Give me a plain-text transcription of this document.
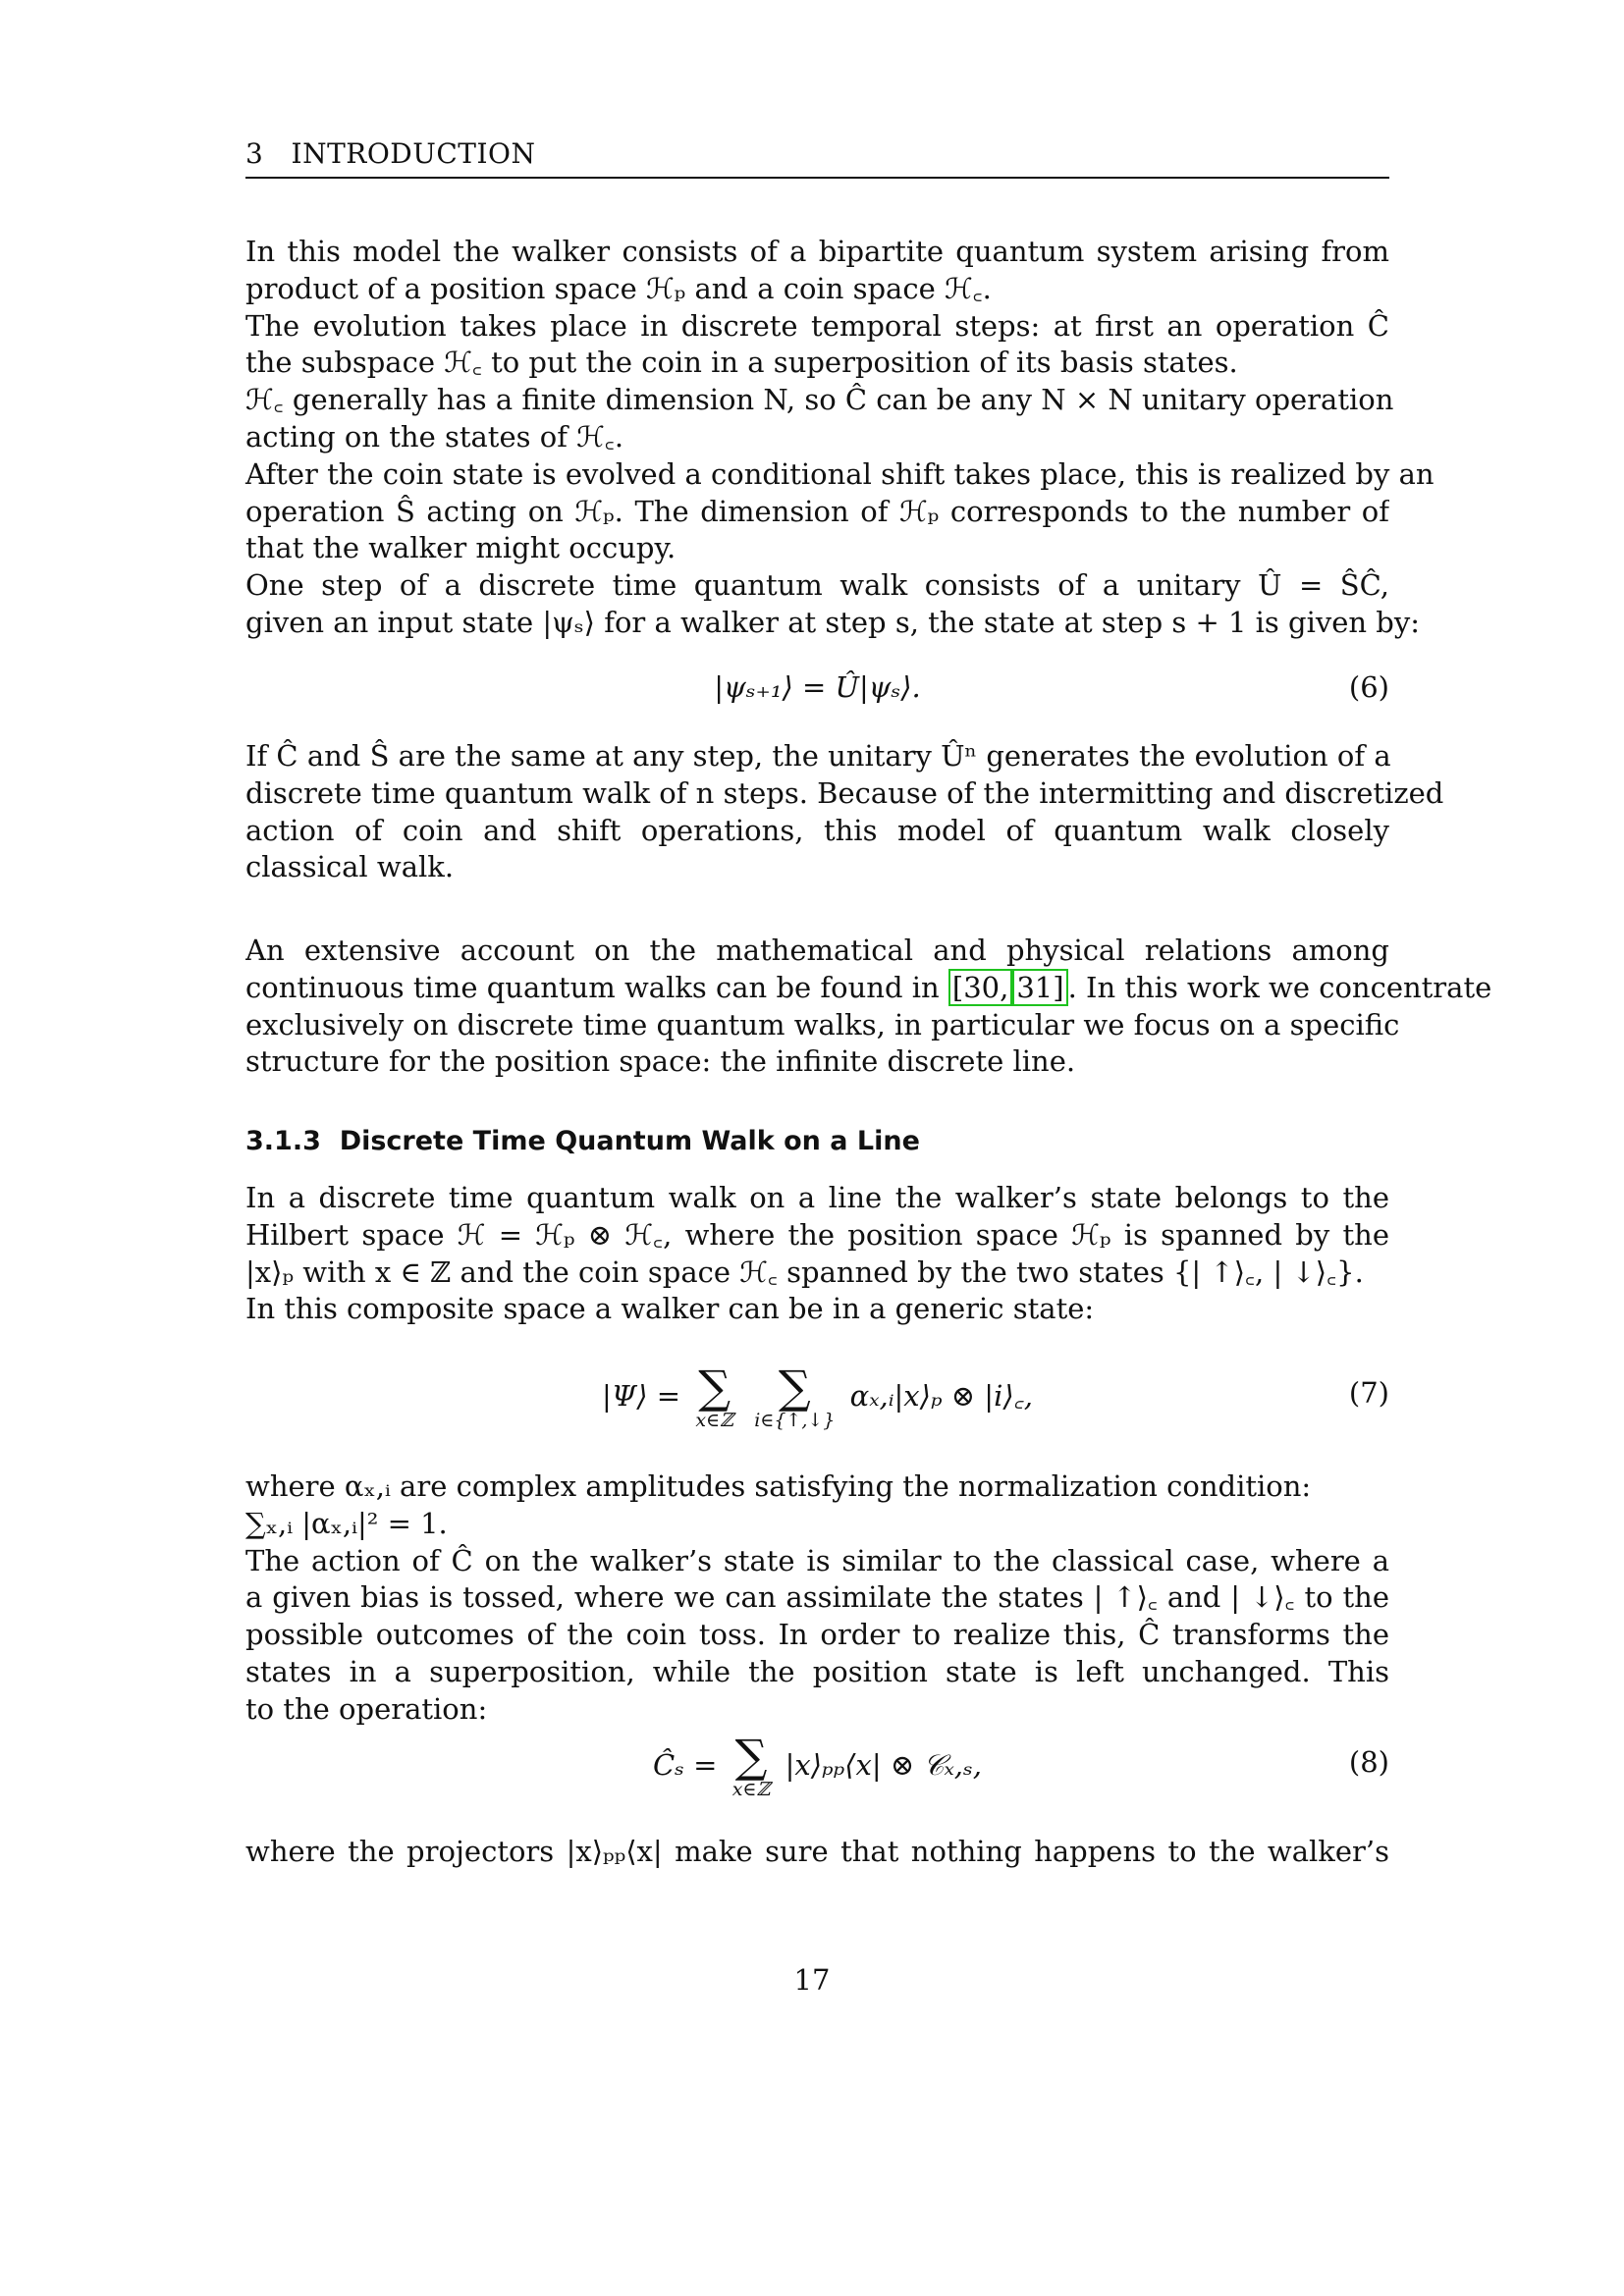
3 INTRODUCTION
In this model the walker consists of a bipartite quantum system arising from
product of a position space ℋₚ and a coin space ℋ꜀.
The evolution takes place in discrete temporal steps: at first an operation Ĉ
the subspace ℋ꜀ to put the coin in a superposition of its basis states.
ℋ꜀ generally has a finite dimension N, so Ĉ can be any N × N unitary operation
acting on the states of ℋ꜀.
After the coin state is evolved a conditional shift takes place, this is realized by an
operation Ŝ acting on ℋₚ. The dimension of ℋₚ corresponds to the number of
that the walker might occupy.
One step of a discrete time quantum walk consists of a unitary Û = ŜĈ,
given an input state |ψₛ⟩ for a walker at step s, the state at step s + 1 is given by:
|ψₛ₊₁⟩ = Û|ψₛ⟩.	(6)
If Ĉ and Ŝ are the same at any step, the unitary Ûⁿ generates the evolution of a
discrete time quantum walk of n steps. Because of the intermitting and discretized
action of coin and shift operations, this model of quantum walk closely
classical walk.
An extensive account on the mathematical and physical relations among
continuous time quantum walks can be found in [30, 31] . In this work we concentrate
exclusively on discrete time quantum walks, in particular we focus on a specific
structure for the position space: the infinite discrete line.
3.1.3 Discrete Time Quantum Walk on a Line
In a discrete time quantum walk on a line the walker’s state belongs to the
Hilbert space ℋ = ℋₚ ⊗ ℋ꜀, where the position space ℋₚ is spanned by the
|x⟩ₚ with x ∈ ℤ and the coin space ℋ꜀ spanned by the two states {| ↑⟩꜀, | ↓⟩꜀}.
In this composite space a walker can be in a generic state:
|Ψ⟩ = ∑
x∈ℤ

∑
i∈{↑,↓}
αₓ,ᵢ|x⟩ₚ ⊗ |i⟩꜀,	(7)
where αₓ,ᵢ are complex amplitudes satisfying the normalization condition:
∑ₓ,ᵢ |αₓ,ᵢ|² = 1.
The action of Ĉ on the walker’s state is similar to the classical case, where a
a given bias is tossed, where we can assimilate the states | ↑⟩꜀ and | ↓⟩꜀ to the
possible outcomes of the coin toss. In order to realize this, Ĉ transforms the
states in a superposition, while the position state is left unchanged. This
to the operation:
Ĉₛ = ∑
x∈ℤ
|x⟩ₚₚ⟨x| ⊗ 𝒞ₓ,ₛ,	(8)
where the projectors |x⟩ₚₚ⟨x| make sure that nothing happens to the walker’s
17
